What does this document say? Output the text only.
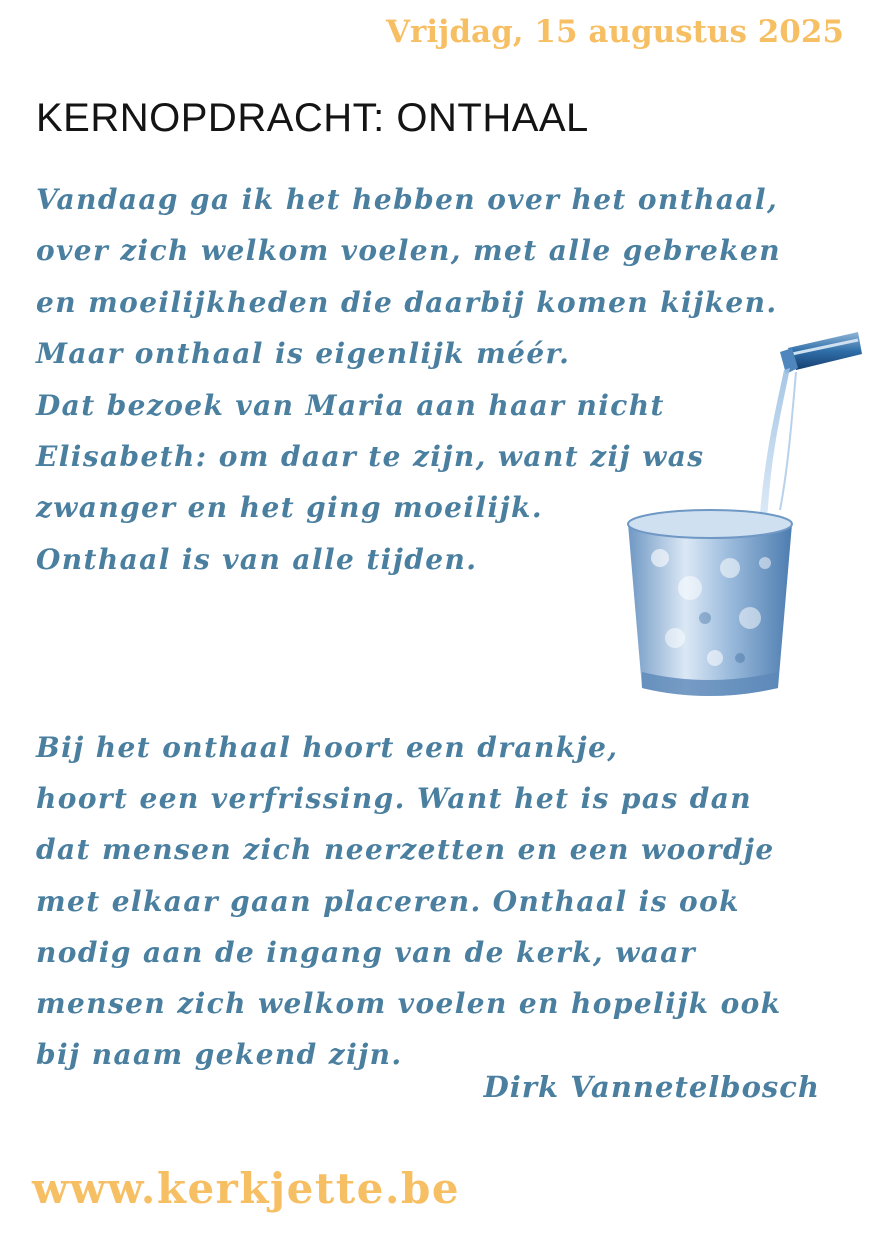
Vrijdag, 15 augustus 2025
KERNOPDRACHT: ONTHAAL

Vandaag ga ik het hebben over het onthaal,
over zich welkom voelen, met alle gebreken
en moeilijkheden die daarbij komen kijken.
Maar onthaal is eigenlijk méér.
Dat bezoek van Maria aan haar nicht
Elisabeth: om daar te zijn, want zij was
zwanger en het ging moeilijk.
Onthaal is van alle tijden.

Bij het onthaal hoort een drankje,
hoort een verfrissing. Want het is pas dan
dat mensen zich neerzetten en een woordje
met elkaar gaan placeren. Onthaal is ook
nodig aan de ingang van de kerk, waar
mensen zich welkom voelen en hopelijk ook
bij naam gekend zijn.

Dirk Vannetelbosch
www.kerkjette.be
